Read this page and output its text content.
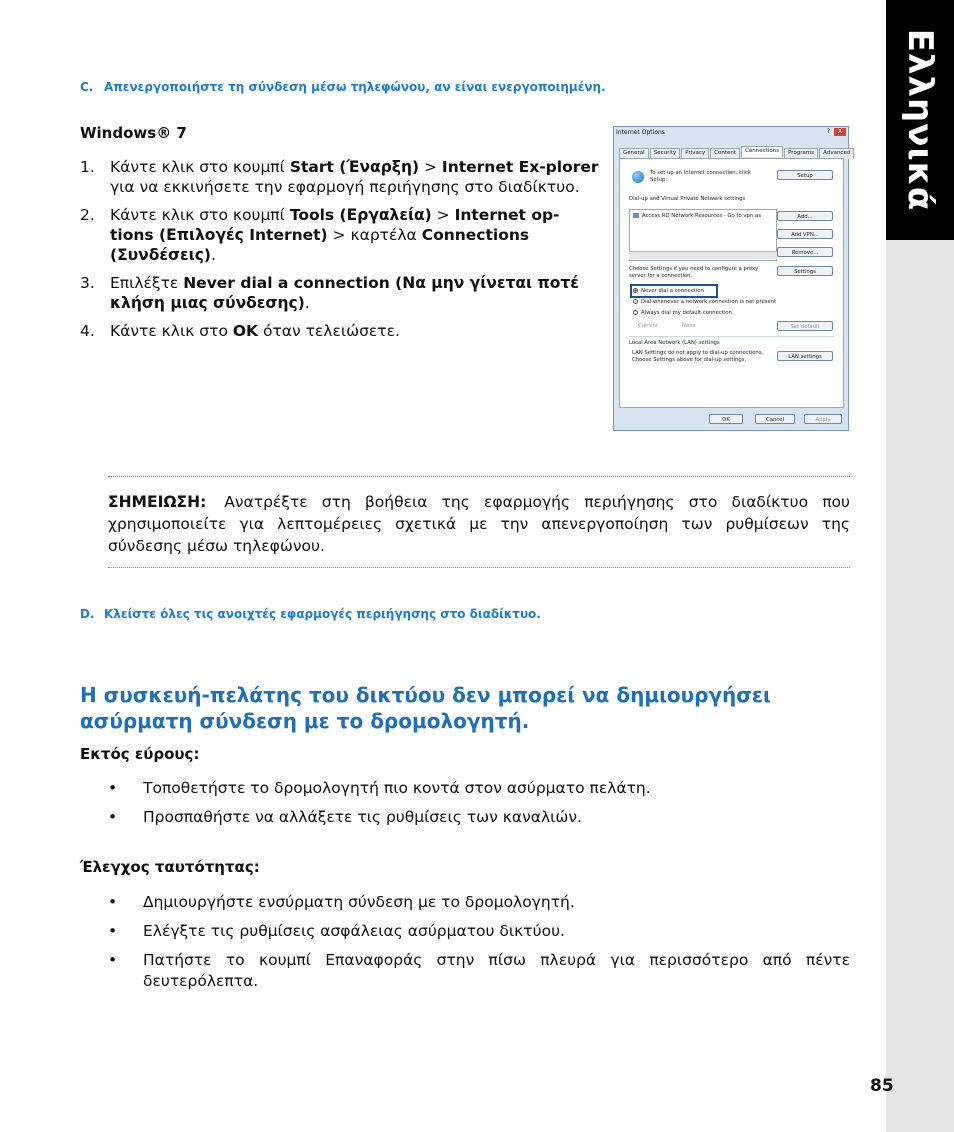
Ελληνικά
C. Απενεργοποιήστε τη σύνδεση μέσω τηλεφώνου, αν είναι ενεργοποιημένη.
Windows® 7
1. Κάντε κλικ στο κουμπί Start (Έναρξη) > Internet Ex-plorer για να εκκινήσετε την εφαρμογή περιήγησης στο διαδίκτυο.
2. Κάντε κλικ στο κουμπί Tools (Εργαλεία) > Internet op-tions (Επιλογές Internet) > καρτέλα Connections (Συνδέσεις).
3. Επιλέξτε Never dial a connection (Να μην γίνεται ποτέ κλήση μιας σύνδεσης).
4. Κάντε κλικ στο OK όταν τελειώσετε.
Internet Options	?	X
General	Security	Privacy	Content	Connections	Programs	Advanced
To set up an Internet connection, click Setup.
Setup
Dial-up and Virtual Private Network settings
Access RD Network Resources - Go to vpn.as	Add...
Add VPN...
Remove...
Choose Settings if you need to configure a proxy server for a connection.
Settings
Never dial a connection
Dial whenever a network connection is not present
Always dial my default connection
Current	None	Set default
Local Area Network (LAN) settings
LAN Settings do not apply to dial-up connections. Choose Settings above for dial-up settings.	LAN settings
OK	Cancel	Apply
ΣΗΜΕΙΩΣΗ: Ανατρέξτε στη βοήθεια της εφαρμογής περιήγησης στο διαδίκτυο που χρησιμοποιείτε για λεπτομέρειες σχετικά με την απενεργοποίηση των ρυθμίσεων της σύνδεσης μέσω τηλεφώνου.
D. Κλείστε όλες τις ανοιχτές εφαρμογές περιήγησης στο διαδίκτυο.
Η συσκευή-πελάτης του δικτύου δεν μπορεί να δημιουργήσει ασύρματη σύνδεση με το δρομολογητή.
Εκτός εύρους:
• Τοποθετήστε το δρομολογητή πιο κοντά στον ασύρματο πελάτη.
• Προσπαθήστε να αλλάξετε τις ρυθμίσεις των καναλιών.
Έλεγχος ταυτότητας:
• Δημιουργήστε ενσύρματη σύνδεση με το δρομολογητή.
• Ελέγξτε τις ρυθμίσεις ασφάλειας ασύρματου δικτύου.
• Πατήστε το κουμπί Επαναφοράς στην πίσω πλευρά για περισσότερο από πέντε δευτερόλεπτα.
85
